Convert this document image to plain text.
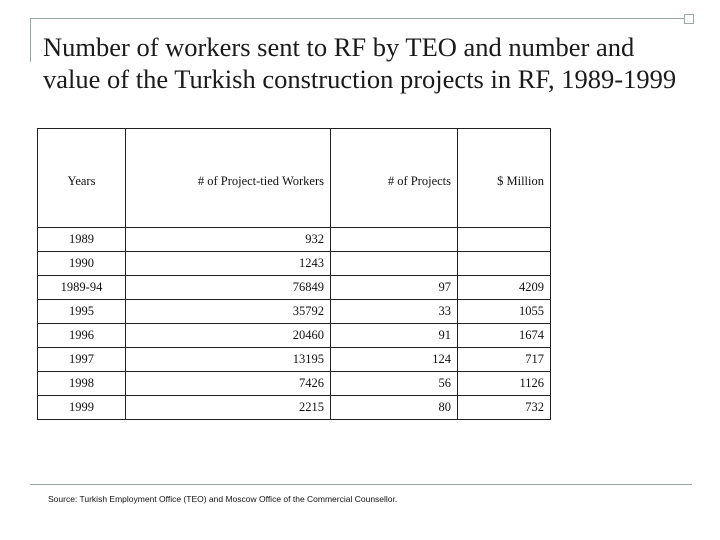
Number of workers sent to RF by TEO and number and value of the Turkish construction projects in RF, 1989-1999
Years	# of Project-tied Workers	# of Projects	$ Million
1989	932		
1990	1243		
1989-94	76849	97	4209
1995	35792	33	1055
1996	20460	91	1674
1997	13195	124	717
1998	7426	56	1126
1999	2215	80	732
Source: Turkish Employment Office (TEO) and Moscow Office of the Commercial Counsellor.
